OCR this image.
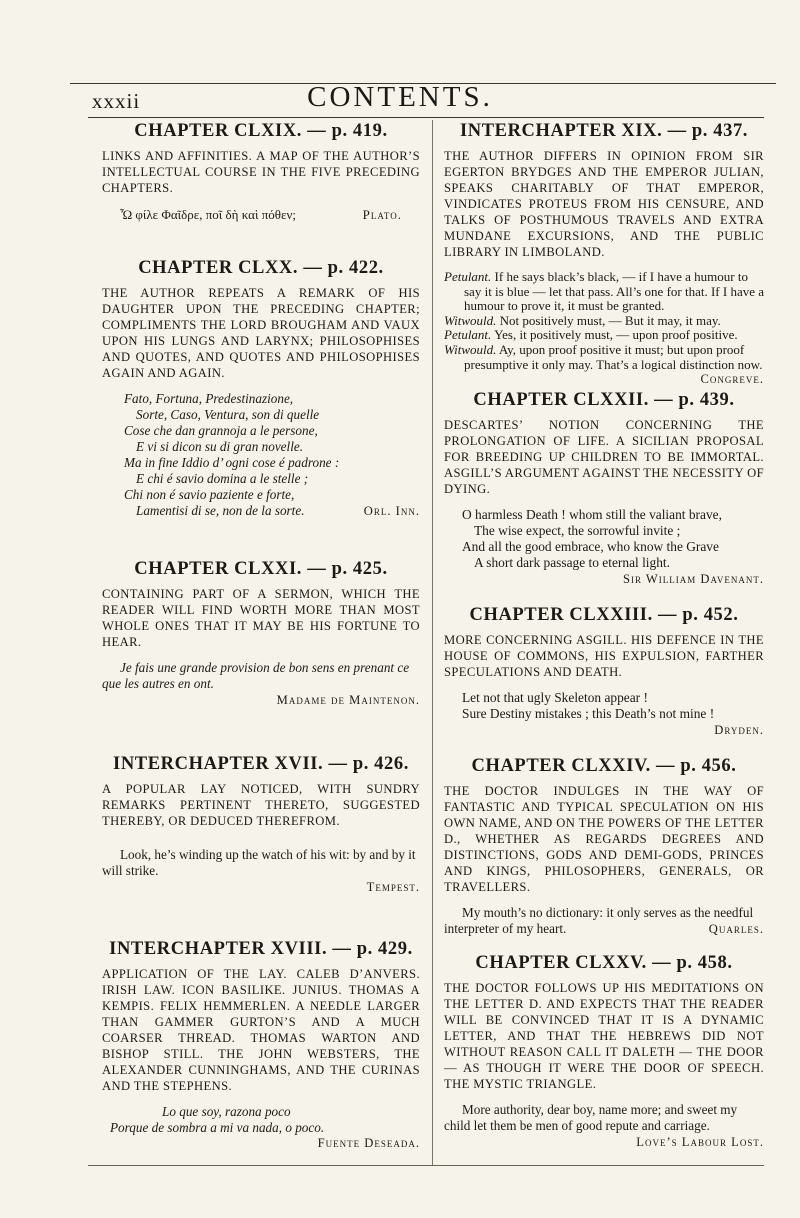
xxxii	CONTENTS.
CHAPTER CLXIX. — p. 419.

LINKS AND AFFINITIES. A MAP OF THE AUTHOR’S INTELLECTUAL COURSE IN THE FIVE PRECEDING CHAPTERS.

Ὦ φίλε Φαῖδρε, ποῖ δὴ καὶ πόθεν;	Plato.
CHAPTER CLXX. — p. 422.

THE AUTHOR REPEATS A REMARK OF HIS DAUGHTER UPON THE PRECEDING CHAPTER; COMPLIMENTS THE LORD BROUGHAM AND VAUX UPON HIS LUNGS AND LARYNX; PHILOSOPHISES AND QUOTES, AND QUOTES AND PHILOSOPHISES AGAIN AND AGAIN.

Fato, Fortuna, Predestinazione,
Sorte, Caso, Ventura, son di quelle
Cose che dan grannoja a le persone,
E vi si dicon su di gran novelle.
Ma in fine Iddio d’ ogni cose é padrone :
E chi é savio domina a le stelle ;
Chi non é savio paziente e forte,
Lamentisi di se, non de la sorte.	Orl. Inn.
CHAPTER CLXXI. — p. 425.

CONTAINING PART OF A SERMON, WHICH THE READER WILL FIND WORTH MORE THAN MOST WHOLE ONES THAT IT MAY BE HIS FORTUNE TO HEAR.

Je fais une grande provision de bon sens en prenant ce que les autres en ont.

Madame de Maintenon.
INTERCHAPTER XVII. — p. 426.

A POPULAR LAY NOTICED, WITH SUNDRY REMARKS PERTINENT THERETO, SUGGESTED THEREBY, OR DEDUCED THEREFROM.

Look, he’s winding up the watch of his wit: by and by it will strike.

Tempest.
INTERCHAPTER XVIII. — p. 429.

APPLICATION OF THE LAY. CALEB D’ANVERS. IRISH LAW. ICON BASILIKE. JUNIUS. THOMAS A KEMPIS. FELIX HEMMERLEN. A NEEDLE LARGER THAN GAMMER GURTON’S AND A MUCH COARSER THREAD. THOMAS WARTON AND BISHOP STILL. THE JOHN WEBSTERS, THE ALEXANDER CUNNINGHAMS, AND THE CURINAS AND THE STEPHENS.

Lo que soy, razona poco
Porque de sombra a mi va nada, o poco.
Fuente Deseada.
INTERCHAPTER XIX. — p. 437.

THE AUTHOR DIFFERS IN OPINION FROM SIR EGERTON BRYDGES AND THE EMPEROR JULIAN, SPEAKS CHARITABLY OF THAT EMPEROR, VINDICATES PROTEUS FROM HIS CENSURE, AND TALKS OF POSTHUMOUS TRAVELS AND EXTRA MUNDANE EXCURSIONS, AND THE PUBLIC LIBRARY IN LIMBOLAND.

Petulant. If he says black’s black, — if I have a humour to say it is blue — let that pass. All’s one for that. If I have a humour to prove it, it must be granted.

Witwould. Not positively must, — But it may, it may.

Petulant. Yes, it positively must, — upon proof positive.

Witwould. Ay, upon proof positive it must; but upon proof presumptive it only may. That’s a logical distinction now.
Congreve.

CHAPTER CLXXII. — p. 439.

DESCARTES’ NOTION CONCERNING THE PROLONGATION OF LIFE. A SICILIAN PROPOSAL FOR BREEDING UP CHILDREN TO BE IMMORTAL. ASGILL’S ARGUMENT AGAINST THE NECESSITY OF DYING.

O harmless Death ! whom still the valiant brave,
The wise expect, the sorrowful invite ;
And all the good embrace, who know the Grave
A short dark passage to eternal light.
Sir William Davenant.
CHAPTER CLXXIII. — p. 452.

MORE CONCERNING ASGILL. HIS DEFENCE IN THE HOUSE OF COMMONS, HIS EXPULSION, FARTHER SPECULATIONS AND DEATH.

Let not that ugly Skeleton appear !
Sure Destiny mistakes ; this Death’s not mine !
Dryden.
CHAPTER CLXXIV. — p. 456.

THE DOCTOR INDULGES IN THE WAY OF FANTASTIC AND TYPICAL SPECULATION ON HIS OWN NAME, AND ON THE POWERS OF THE LETTER D., WHETHER AS REGARDS DEGREES AND DISTINCTIONS, GODS AND DEMI-GODS, PRINCES AND KINGS, PHILOSOPHERS, GENERALS, OR TRAVELLERS.

My mouth’s no dictionary: it only serves as the needful interpreter of my heart.	Quarles.

CHAPTER CLXXV. — p. 458.

THE DOCTOR FOLLOWS UP HIS MEDITATIONS ON THE LETTER D. AND EXPECTS THAT THE READER WILL BE CONVINCED THAT IT IS A DYNAMIC LETTER, AND THAT THE HEBREWS DID NOT WITHOUT REASON CALL IT DALETH — THE DOOR — AS THOUGH IT WERE THE DOOR OF SPEECH. THE MYSTIC TRIANGLE.

More authority, dear boy, name more; and sweet my child let them be men of good repute and carriage.

Love’s Labour Lost.
